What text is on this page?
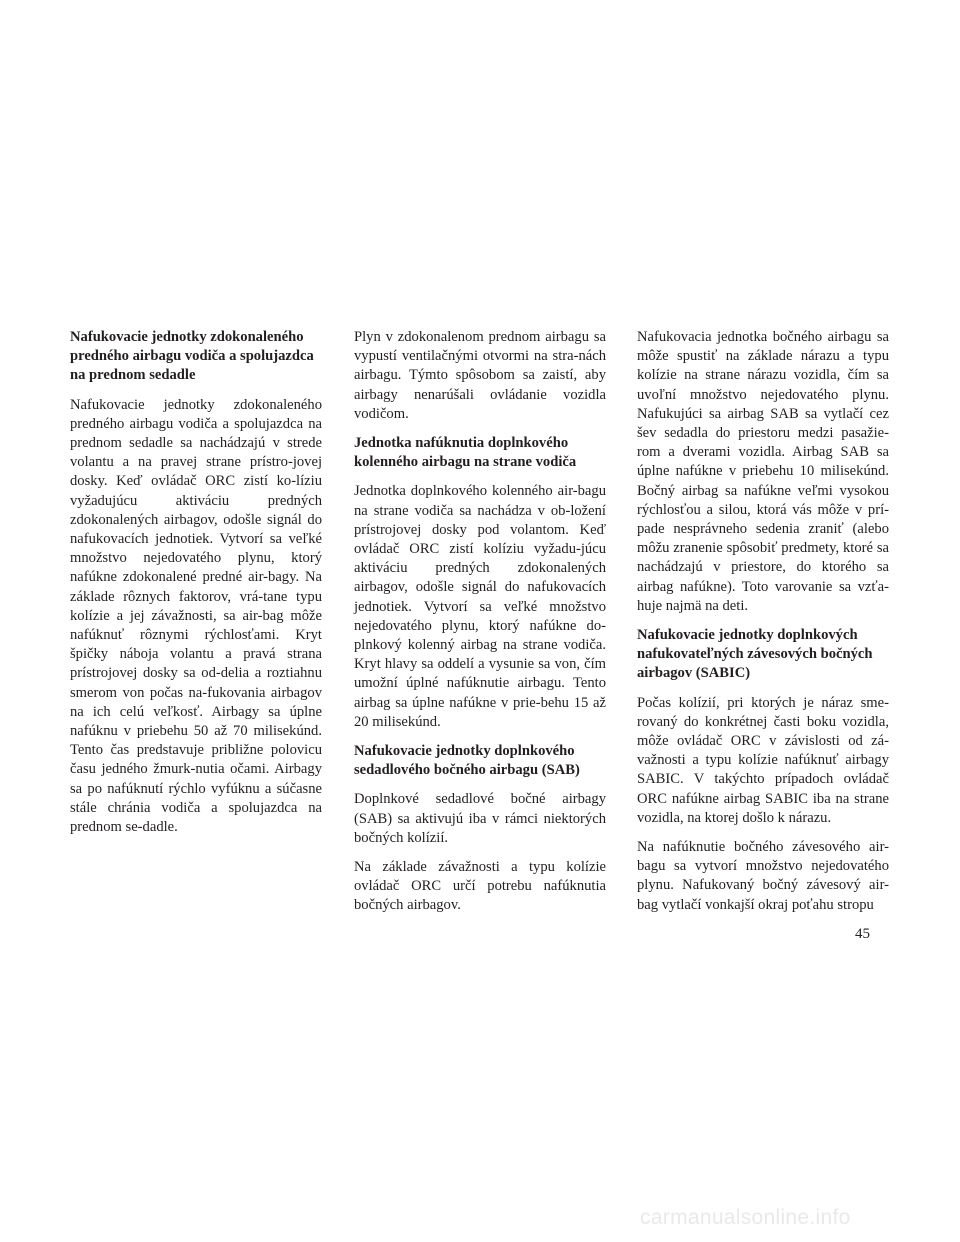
Nafukovacie jednotky zdokonaleného predného airbagu vodiča a spolujazdca na prednom sedadle

Nafukovacie jednotky zdokonaleného predného airbagu vodiča a spolujazdca na prednom sedadle sa nachádzajú v strede volantu a na pravej strane prístro-jovej dosky. Keď ovládač ORC zistí ko-líziu vyžadujúcu aktiváciu predných zdokonalených airbagov, odošle signál do nafukovacích jednotiek. Vytvorí sa veľké množstvo nejedovatého plynu, ktorý nafúkne zdokonalené predné air-bagy. Na základe rôznych faktorov, vrá-tane typu kolízie a jej závažnosti, sa air-bag môže nafúknuť rôznymi rýchlosťami. Kryt špičky náboja volantu a pravá strana prístrojovej dosky sa od-delia a roztiahnu smerom von počas na-fukovania airbagov na ich celú veľkosť. Airbagy sa úplne nafúknu v priebehu 50 až 70 milisekúnd. Tento čas predstavuje približne polovicu času jedného žmurk-nutia očami. Airbagy sa po nafúknutí rýchlo vyfúknu a súčasne stále chránia vodiča a spolujazdca na prednom se-dadle.

Plyn v zdokonalenom prednom airbagu sa vypustí ventilačnými otvormi na stra-nách airbagu. Týmto spôsobom sa zaistí, aby airbagy nenarúšali ovládanie vozidla vodičom.

Jednotka nafúknutia doplnkového kolenného airbagu na strane vodiča

Jednotka doplnkového kolenného air-bagu na strane vodiča sa nachádza v ob-ložení prístrojovej dosky pod volantom. Keď ovládač ORC zistí kolíziu vyžadu-júcu aktiváciu predných zdokonalených airbagov, odošle signál do nafukovacích jednotiek. Vytvorí sa veľké množstvo nejedovatého plynu, ktorý nafúkne do-plnkový kolenný airbag na strane vodiča. Kryt hlavy sa oddelí a vysunie sa von, čím umožní úplné nafúknutie airbagu. Tento airbag sa úplne nafúkne v prie-behu 15 až 20 milisekúnd.

Nafukovacie jednotky doplnkového sedadlového bočného airbagu (SAB)

Doplnkové sedadlové bočné airbagy (SAB) sa aktivujú iba v rámci niektorých bočných kolízií.

Na základe závažnosti a typu kolízie ovládač ORC určí potrebu nafúknutia bočných airbagov.

Nafukovacia jednotka bočného airbagu sa môže spustiť na základe nárazu a typu kolízie na strane nárazu vozidla, čím sa uvoľní množstvo nejedovatého plynu. Nafukujúci sa airbag SAB sa vytlačí cez šev sedadla do priestoru medzi pasažie-rom a dverami vozidla. Airbag SAB sa úplne nafúkne v priebehu 10 milisekúnd. Bočný airbag sa nafúkne veľmi vysokou rýchlosťou a silou, ktorá vás môže v prí-pade nesprávneho sedenia zraniť (alebo môžu zranenie spôsobiť predmety, ktoré sa nachádzajú v priestore, do ktorého sa airbag nafúkne). Toto varovanie sa vzťa-huje najmä na deti.

Nafukovacie jednotky doplnkových nafukovateľných závesových bočných airbagov (SABIC)

Počas kolízií, pri ktorých je náraz sme-rovaný do konkrétnej časti boku vozidla, môže ovládač ORC v závislosti od zá-važnosti a typu kolízie nafúknuť airbagy SABIC. V takýchto prípadoch ovládač ORC nafúkne airbag SABIC iba na strane vozidla, na ktorej došlo k nárazu.

Na nafúknutie bočného závesového air-bagu sa vytvorí množstvo nejedovatého plynu. Nafukovaný bočný závesový air-bag vytlačí vonkajší okraj poťahu stropu

45
carmanualsonline.info
